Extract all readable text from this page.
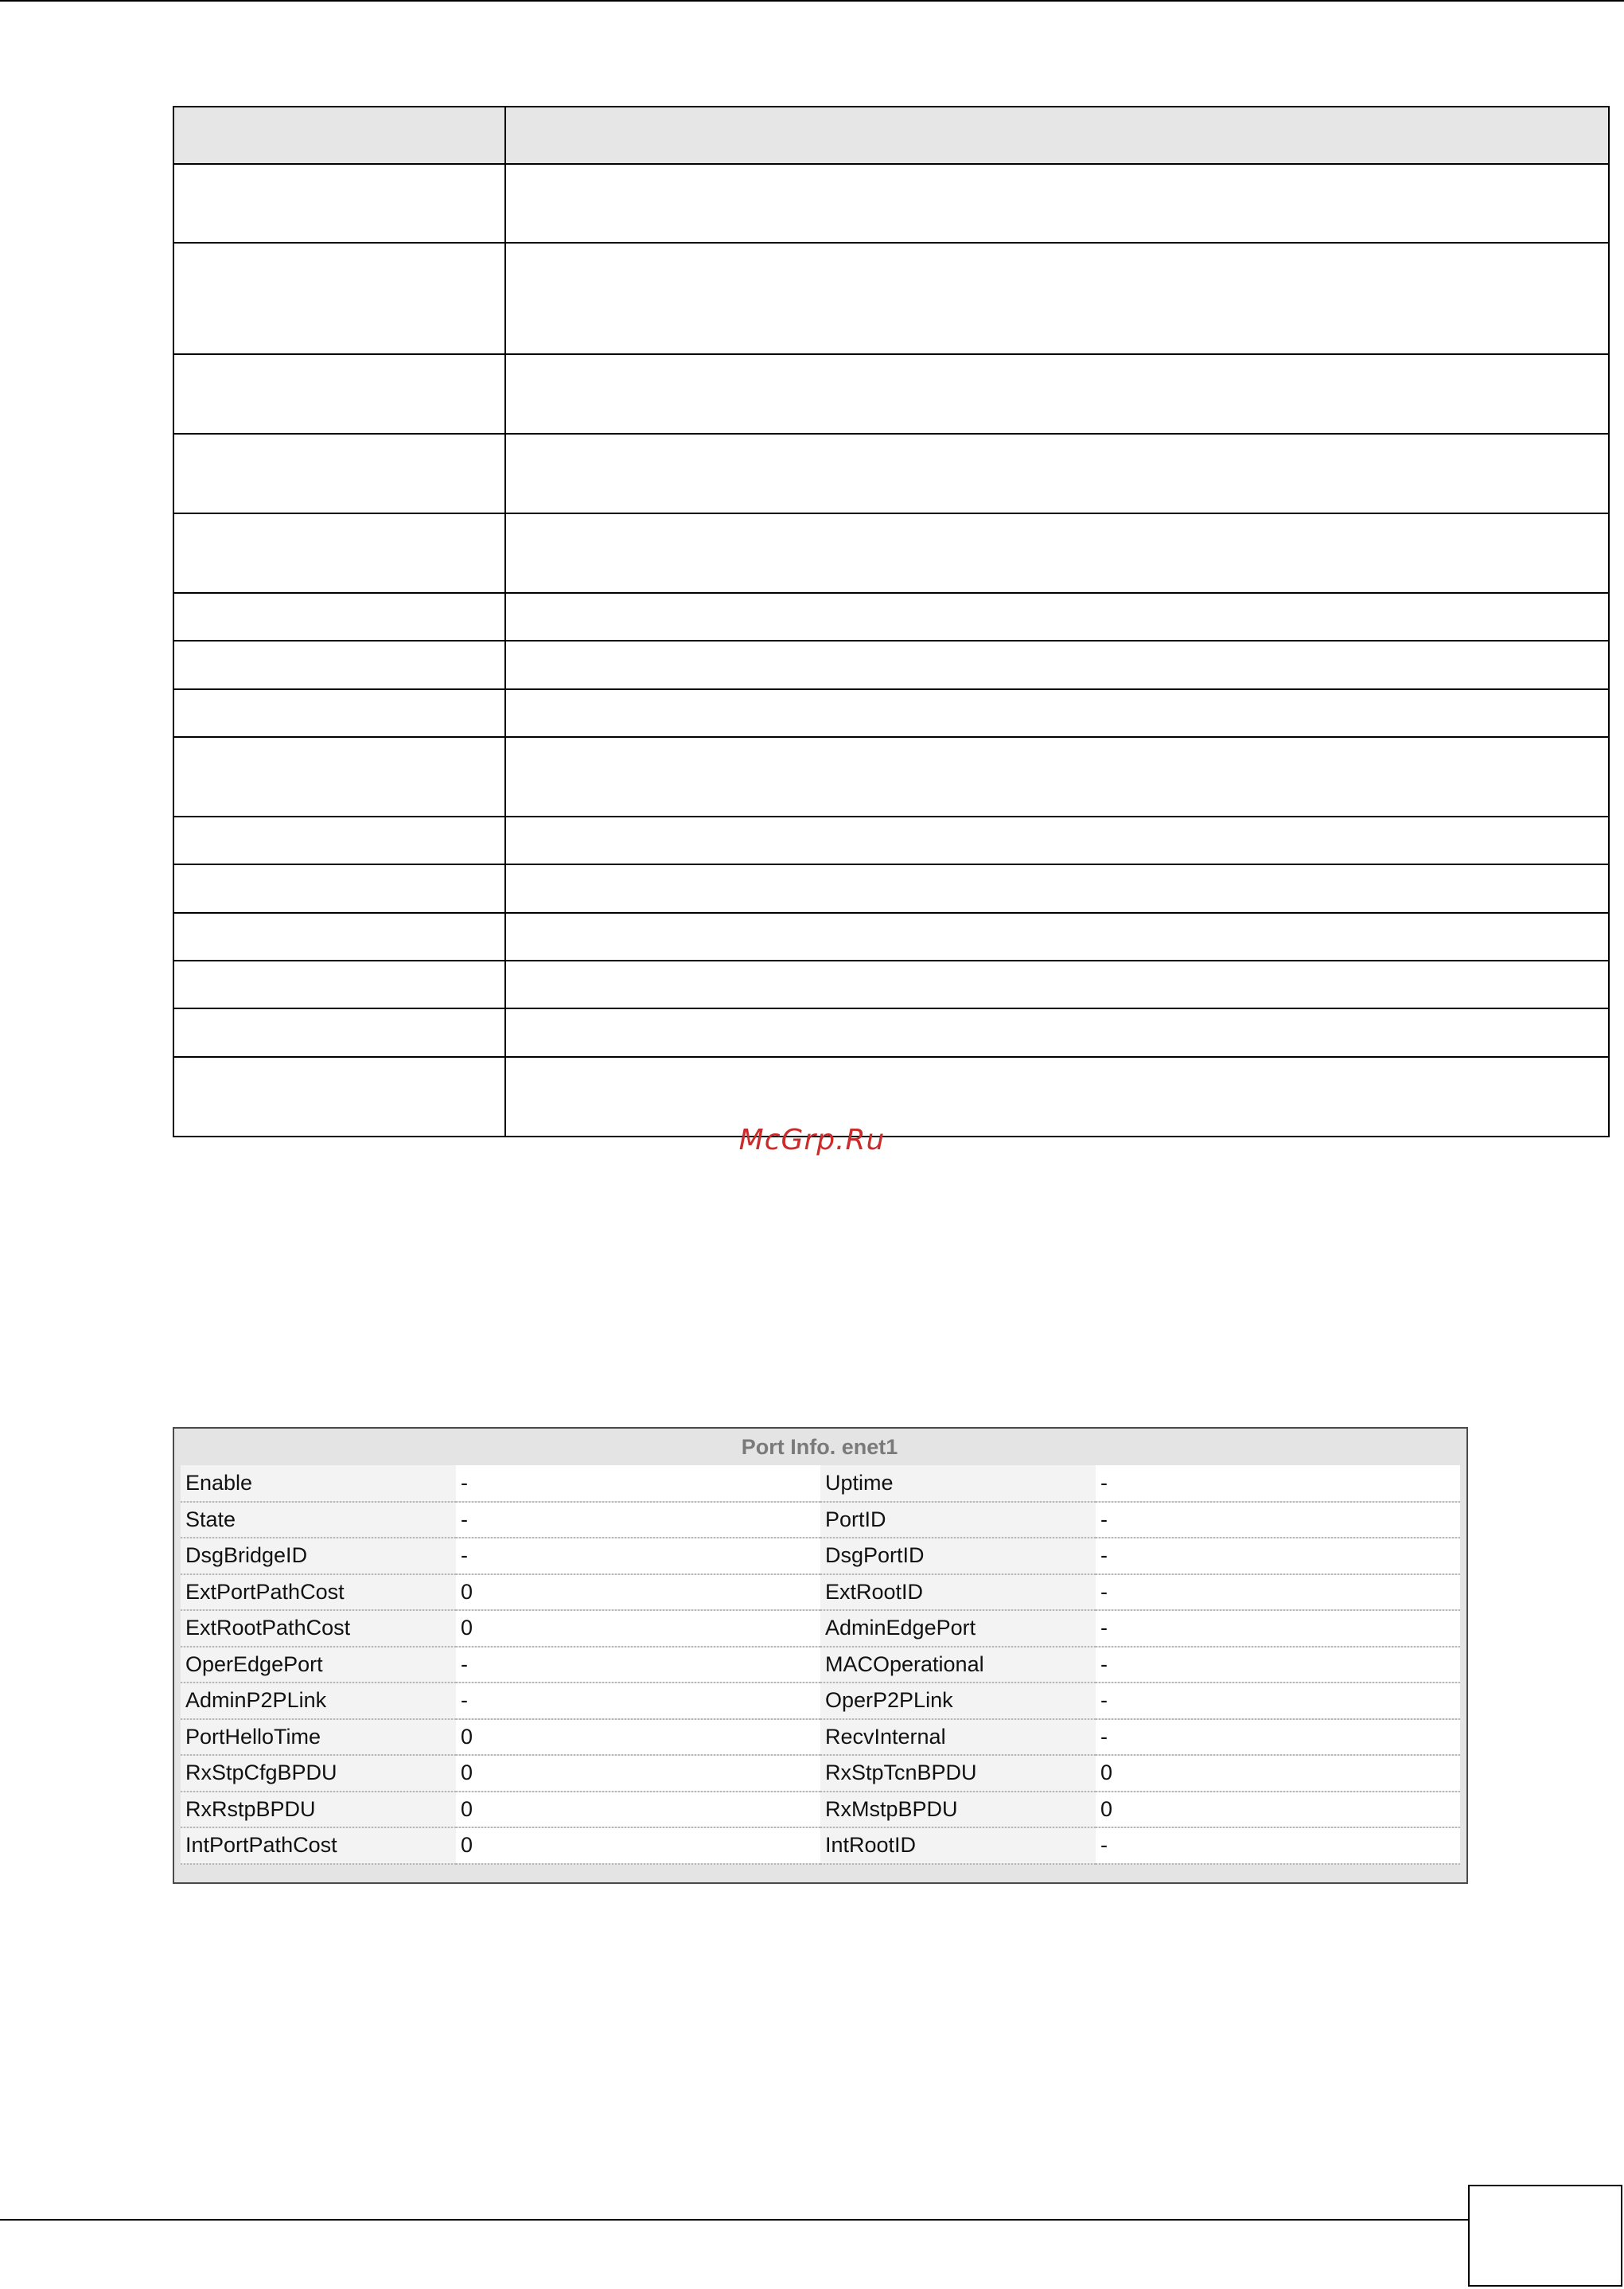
McGrp.Ru
Port Info. enet1
Enable	-	Uptime	-
State	-	PortID	-
DsgBridgeID	-	DsgPortID	-
ExtPortPathCost	0	ExtRootID	-
ExtRootPathCost	0	AdminEdgePort	-
OperEdgePort	-	MACOperational	-
AdminP2PLink	-	OperP2PLink	-
PortHelloTime	0	RecvInternal	-
RxStpCfgBPDU	0	RxStpTcnBPDU	0
RxRstpBPDU	0	RxMstpBPDU	0
IntPortPathCost	0	IntRootID	-
